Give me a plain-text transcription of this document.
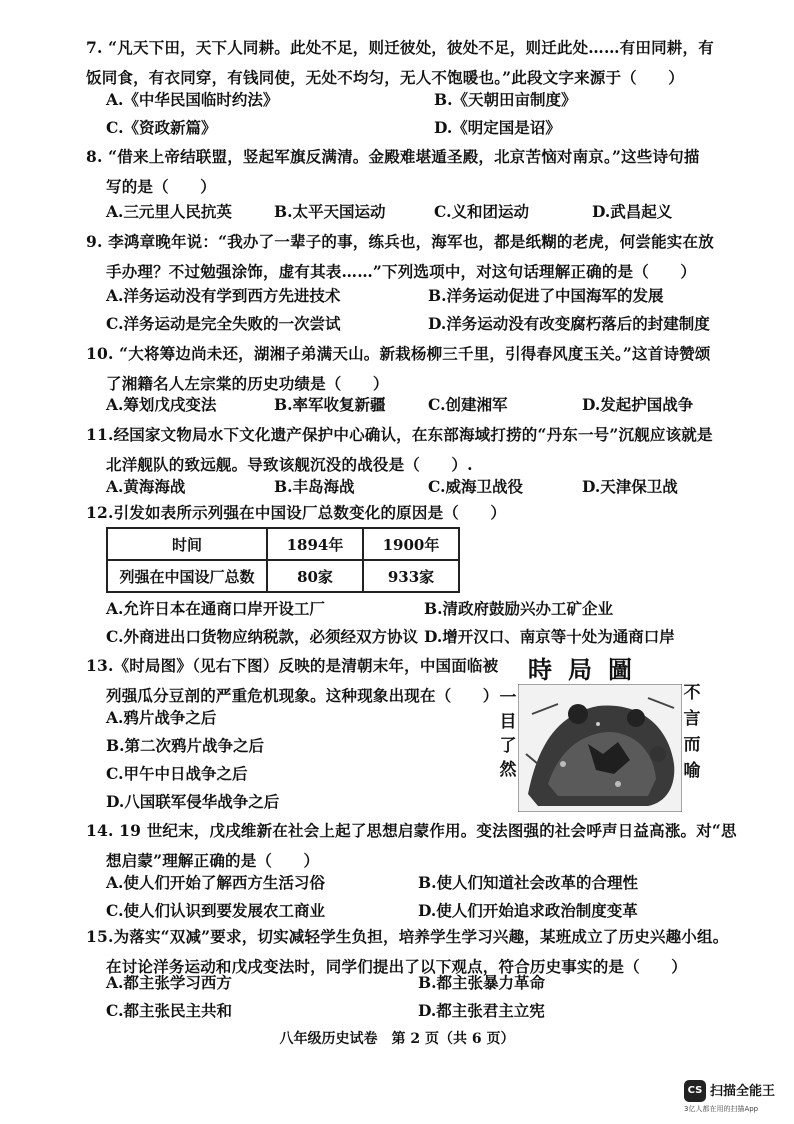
7. “凡天下田，天下人同耕。此处不足，则迁彼处，彼处不足，则迁此处……有田同耕，有
饭同食，有衣同穿，有钱同使，无处不均匀，无人不饱暖也。”此段文字来源于（　　）
A.《中华民国临时约法》	B.《天朝田亩制度》
C.《资政新篇》	D.《明定国是诏》
8. “借来上帝结联盟，竖起军旗反满清。金殿难堪遁圣殿，北京苦恼对南京。”这些诗句描
写的是（　　）
A.三元里人民抗英	B.太平天国运动	C.义和团运动	D.武昌起义
9. 李鸿章晚年说：“我办了一辈子的事，练兵也，海军也，都是纸糊的老虎，何尝能实在放
手办理？不过勉强涂饰，虚有其表……”下列选项中，对这句话理解正确的是（　　）
A.洋务运动没有学到西方先进技术	B.洋务运动促进了中国海军的发展
C.洋务运动是完全失败的一次尝试	D.洋务运动没有改变腐朽落后的封建制度
10. “大将筹边尚未还，湖湘子弟满天山。新栽杨柳三千里，引得春风度玉关。”这首诗赞颂
了湘籍名人左宗棠的历史功绩是（　　）
A.筹划戊戌变法	B.率军收复新疆	C.创建湘军	D.发起护国战争
11.经国家文物局水下文化遗产保护中心确认，在东部海域打捞的“丹东一号”沉舰应该就是
北洋舰队的致远舰。导致该舰沉没的战役是（　　）.
A.黄海海战	B.丰岛海战	C.威海卫战役	D.天津保卫战
12.引发如表所示列强在中国设厂总数变化的原因是（　　）
时间	1894年	1900年
列强在中国设厂总数	80家	933家
A.允许日本在通商口岸开设工厂	B.清政府鼓励兴办工矿企业
C.外商进出口货物应纳税款，必须经双方协议 D.增开汉口、南京等十处为通商口岸
13.《时局图》（见右下图）反映的是清朝末年，中国面临被
列强瓜分豆剖的严重危机现象。这种现象出现在（　　）
A.鸦片战争之后
B.第二次鸦片战争之后
C.甲午中日战争之后
D.八国联军侵华战争之后
時局圖
一目了然
不言而喻
14. 19 世纪末，戊戌维新在社会上起了思想启蒙作用。变法图强的社会呼声日益高涨。对“思
想启蒙”理解正确的是（　　）
A.使人们开始了解西方生活习俗	B.使人们知道社会改革的合理性
C.使人们认识到要发展农工商业	D.使人们开始追求政治制度变革
15.为落实“双减”要求，切实减轻学生负担，培养学生学习兴趣，某班成立了历史兴趣小组。
在讨论洋务运动和戊戌变法时，同学们提出了以下观点，符合历史事实的是（　　）
A.都主张学习西方	B.都主张暴力革命
C.都主张民主共和	D.都主张君主立宪
八年级历史试卷　第 2 页（共 6 页）
CS 扫描全能王
3亿人都在用的扫描App
